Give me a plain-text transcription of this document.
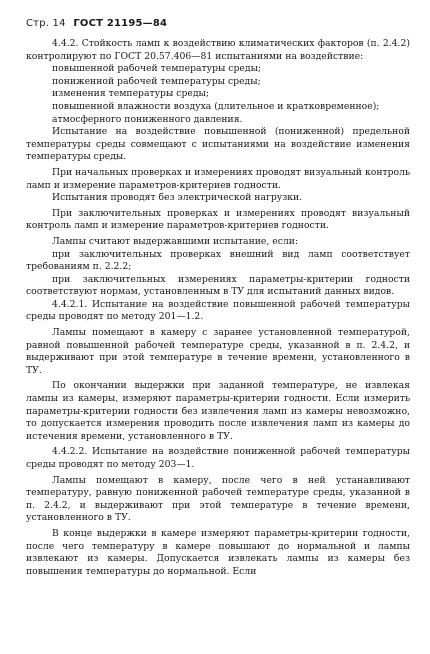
Стр. 14 ГОСТ 21195—84

4.4.2. Стойкость ламп к воздействию климатических факторов (п. 2.4.2) контролируют по ГОСТ 20.57.406—81 испытаниями на воздействие:

повышенной рабочей температуры среды;

пониженной рабочей температуры среды;

изменения температуры среды;

повышенной влажности воздуха (длительное и кратковременное);

атмосферного пониженного давления.

Испытание на воздействие повышенной (пониженной) предельной температуры среды совмещают с испытаниями на воздействие изменения температуры среды.

При начальных проверках и измерениях проводят визуальный контроль ламп и измерение параметров-критериев годности.

Испытания проводят без электрической нагрузки.

При заключительных проверках и измерениях проводят визуальный контроль ламп и измерение параметров-критериев годности.

Лампы считают выдержавшими испытание, если:

при заключительных проверках внешний вид ламп соответствует требованиям п. 2.2.2;

при заключительных измерениях параметры-критерии годности соответствуют нормам, установленным в ТУ для испытаний данных видов.

4.4.2.1. Испытание на воздействие повышенной рабочей температуры среды проводят по методу 201—1.2.

Лампы помещают в камеру с заранее установленной температурой, равной повышенной рабочей температуре среды, указанной в п. 2.4.2, и выдерживают при этой температуре в течение времени, установленного в ТУ.

По окончании выдержки при заданной температуре, не извлекая лампы из камеры, измеряют параметры-критерии годности. Если измерить параметры-критерии годности без извлечения ламп из камеры невозможно, то допускается измерения проводить после извлечения ламп из камеры до истечения времени, установленного в ТУ.

4.4.2.2. Испытание на воздействие пониженной рабочей температуры среды проводят по методу 203—1.

Лампы помещают в камеру, после чего в ней устанавливают температуру, равную пониженной рабочей температуре среды, указанной в п. 2.4.2, и выдерживают при этой температуре в течение времени, установленного в ТУ.

В конце выдержки в камере измеряют параметры-критерии годности, после чего температуру в камере повышают до нормальной и лампы извлекают из камеры. Допускается извлекать лампы из камеры без повышения температуры до нормальной. Если
